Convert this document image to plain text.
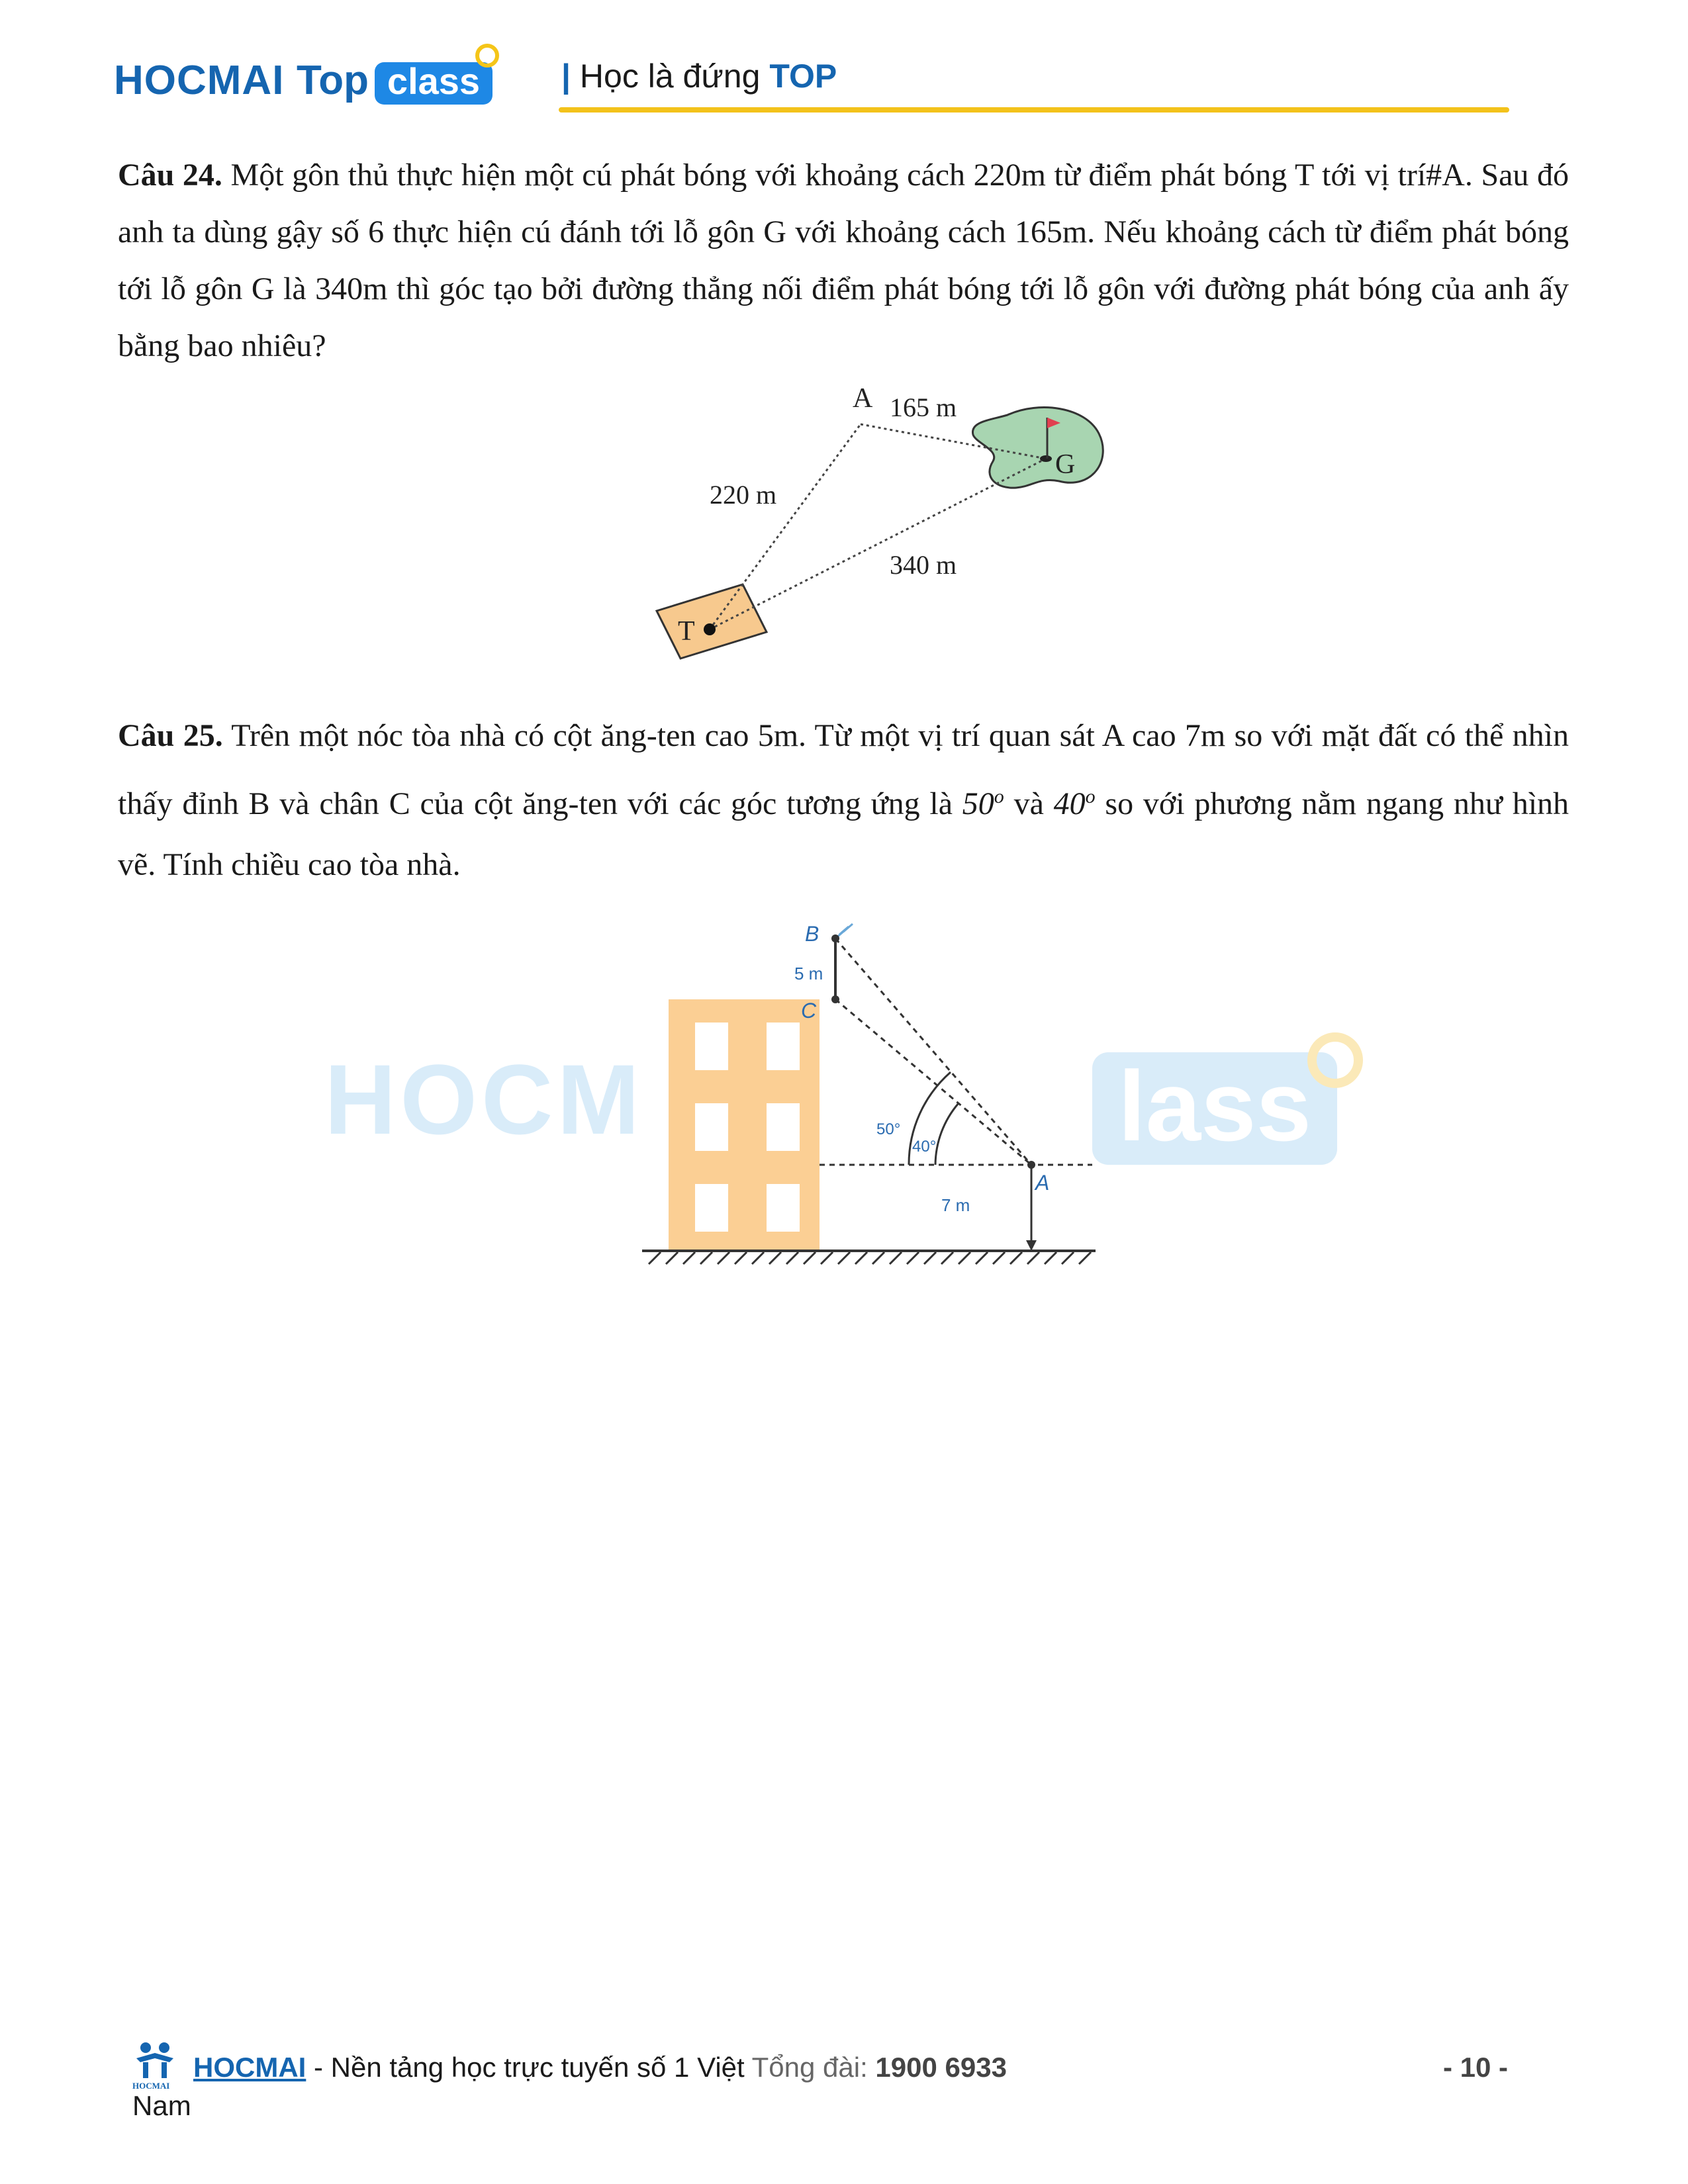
HOCMAI Top class	| Học là đứng TOP
Câu 24. Một gôn thủ thực hiện một cú phát bóng với khoảng cách 220m từ điểm phát bóng T tới vị trí#A. Sau đó anh ta dùng gậy số 6 thực hiện cú đánh tới lỗ gôn G với khoảng cách 165m. Nếu khoảng cách từ điểm phát bóng tới lỗ gôn G là 340m thì góc tạo bởi đường thẳng nối điểm phát bóng tới lỗ gôn với đường phát bóng của anh ấy bằng bao nhiêu?
A
G
T
165 m
220 m
340 m
Câu 25. Trên một nóc tòa nhà có cột ăng-ten cao 5m. Từ một vị trí quan sát A cao 7m so với mặt đất có thể nhìn thấy đỉnh B và chân C của cột ăng-ten với các góc tương ứng là 50$^o$ và 40$^o$ so với phương nằm ngang như hình vẽ. Tính chiều cao tòa nhà.
HOCM	lass
B
C
A
5 m
7 m
50°
40°
HOCMAI
HOCMAI - Nền tảng học trực tuyến số 1 Việt Tổng đài: 1900 6933
Nam
- 10 -
